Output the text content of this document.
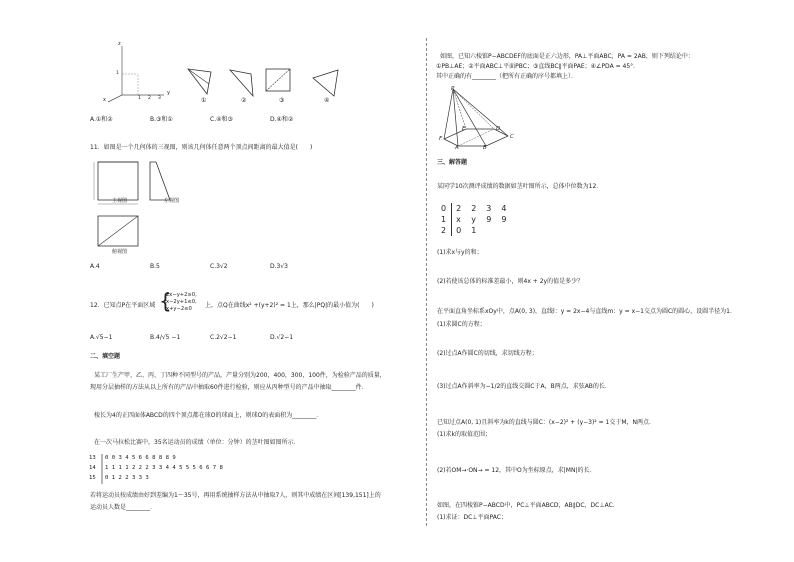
z
y
x
1
1 2 3	①	②	③	④
A.①和②	B.③和①	C.④和③	D.④和②
11．如图是一个几何体的三视图，则该几何体任意两个顶点间距离的最大值是(　　)
主视图	左视图
俯视图
A.4	B.5	C.3√2	D.3√3
12．已知点P在平面区域 {
2x−y+2≥0,
x−2y+1≤0,
x+y−2≤0 上，点Q在曲线x² +(y+2)² = 1上，那么|PQ|的最小值为(　　)
A.√5−1	B.4/√5 −1	C.2√2−1	D.√2−1
二、填空题
某工厂生产甲、乙、丙、丁四种不同型号的产品，产量分别为200，400，300，100件，为检验产品的质量，
现用分层抽样的方法从以上所有的产品中抽取60件进行检验，则应从丙种型号的产品中抽取________件．
棱长为4的正四面体ABCD的四个顶点都在球O的球面上，则球O的表面积为________．
在一次马拉松比赛中，35名运动员的成绩（单位：分钟）的茎叶图如图所示．
13 0 0 3 4 5 6 6 8 8 8 9
14 1 1 1 1 2 2 2 3 3 4 4 5 5 5 6 6 7 8
15 0 1 2 2 3 3 3
若将运动员按成绩由好到差编为1～35号，再用系统抽样方法从中抽取7人，则其中成绩在区间[139,151]上的
运动员人数是________．
如图，已知六棱锥P−ABCDEF的底面是正六边形，PA⊥平面ABC，PA = 2AB，则下列结论中：
①PB⊥AE；②平面ABC⊥平面PBC；③直线BC∥平面PAE；④∠PDA = 45°．
其中正确的有________（把所有正确的序号都填上）．
P
F
E	D
C
B
A
三、解答题
某同学10次测评成绩的数据如茎叶图所示，总体中位数为12．
0	2	2	3	4
1	x	y	9	9
2	0	1		
(1)求x与y的和；
(2)若使该总体的标准差最小，则4x + 2y的值是多少？
在平面直角坐标系xOy中，点A(0, 3)，直线l：y = 2x−4与直线m：y = x−1交点为圆C的圆心，设圆半径为1．
(1)求圆C的方程；
(2)过点A作圆C的切线，求切线方程；
(3)过点A作斜率为−1/2的直线交圆C于A，B两点，求弦AB的长．
已知过点A(0, 1)且斜率为k的直线与圆C：(x−2)² + (y−3)² = 1交于M，N两点．
(1)求k的取值范围；
(2)若OM→·ON→ = 12，其中O为坐标原点，求|MN|的长．
如图，在四棱锥P−ABCD中，PC⊥平面ABCD，AB∥DC，DC⊥AC．
(1)求证：DC⊥平面PAC；
